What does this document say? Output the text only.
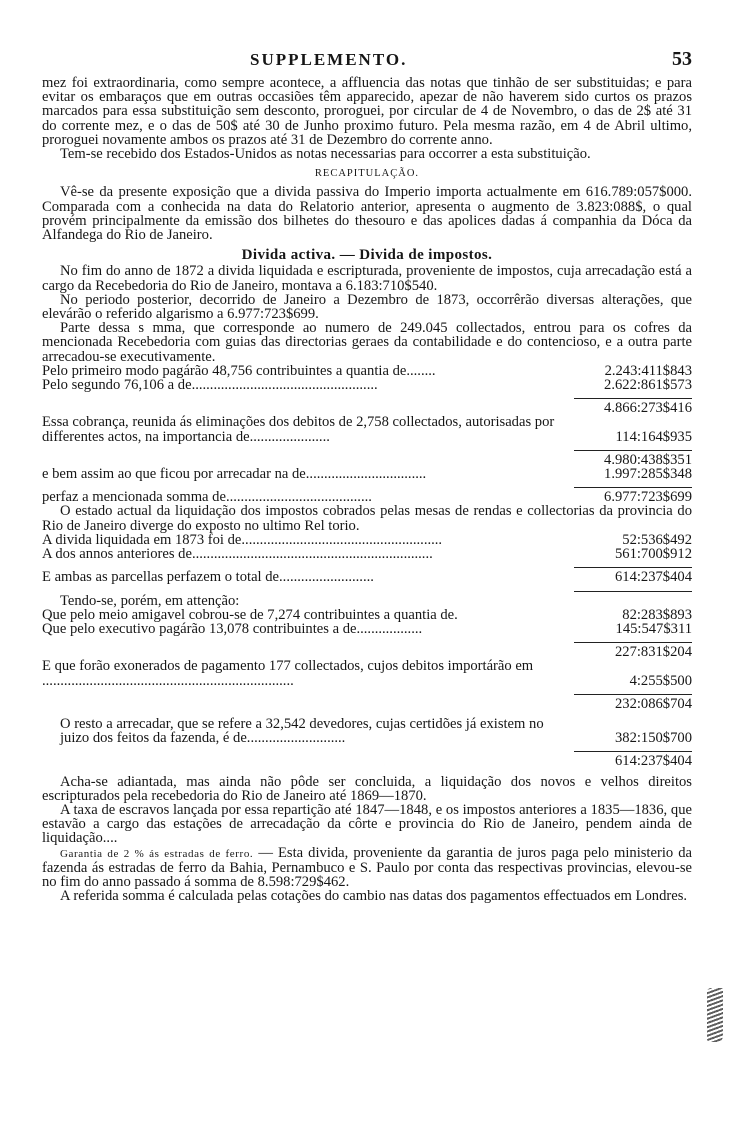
SUPPLEMENTO.	53

mez foi extraordinaria, como sempre acontece, a affluencia das notas que tinhão de ser substituidas; e para evitar os embaraços que em outras occasiões têm apparecido, apezar de não haverem sido curtos os prazos marcados para essa substituição sem desconto, proroguei, por circular de 4 de Novembro, o das de 2$ até 31 do corrente mez, e o das de 50$ até 30 de Junho proximo futuro. Pela mesma razão, em 4 de Abril ultimo, proroguei novamente ambos os prazos até 31 de Dezembro do corrente anno.

Tem-se recebido dos Estados-Unidos as notas necessarias para occorrer a esta substituição.

RECAPITULAÇÃO.

Vê-se da presente exposição que a divida passiva do Imperio importa actualmente em 616.789:057$000. Comparada com a conhecida na data do Relatorio anterior, apresenta o augmento de 3.823:088$, o qual provém principalmente da emissão dos bilhetes do thesouro e das apolices dadas á companhia da Dóca da Alfandega do Rio de Janeiro.

Divida activa. — Divida de impostos.

No fim do anno de 1872 a divida liquidada e escripturada, proveniente de impostos, cuja arrecadação está a cargo da Recebedoria do Rio de Janeiro, montava a 6.183:710$540.

No periodo posterior, decorrido de Janeiro a Dezembro de 1873, occorrêrão diversas alterações, que elevárão o referido algarismo a 6.977:723$699.

Parte dessa s mma, que corresponde ao numero de 249.045 collectados, entrou para os cofres da mencionada Recebedoria com guias das directorias geraes da contabilidade e do contencioso, e a outra parte arrecadou-se executivamente.

Pelo primeiro modo pagárão 48,756 contribuintes a quantia de........	2.243:411$843
Pelo segundo 76,106 a de...................................................	2.622:861$573
4.866:273$416
Essa cobrança, reunida ás eliminações dos debitos de 2,758 collectados, autorisadas por differentes actos, na importancia de......................	114:164$935
4.980:438$351
e bem assim ao que ficou por arrecadar na de.................................	1.997:285$348
perfaz a mencionada somma de........................................	6.977:723$699

O estado actual da liquidação dos impostos cobrados pelas mesas de rendas e collectorias da provincia do Rio de Janeiro diverge do exposto no ultimo Rel torio.

A divida liquidada em 1873 foi de.......................................................	52:536$492
A dos annos anteriores de..................................................................	561:700$912
E ambas as parcellas perfazem o total de..........................	614:237$404
Tendo-se, porém, em attenção:
Que pelo meio amigavel cobrou-se de 7,274 contribuintes a quantia de.	82:283$893
Que pelo executivo pagárão 13,078 contribuintes a de..................	145:547$311
227:831$204
E que forão exonerados de pagamento 177 collectados, cujos debitos importárão em .....................................................................	4:255$500
232:086$704
O resto a arrecadar, que se refere a 32,542 devedores, cujas certidões já existem no juizo dos feitos da fazenda, é de...........................	382:150$700
614:237$404

Acha-se adiantada, mas ainda não pôde ser concluida, a liquidação dos novos e velhos direitos escripturados pela recebedoria do Rio de Janeiro até 1869—1870.

A taxa de escravos lançada por essa repartição até 1847—1848, e os impostos anteriores a 1835—1836, que estavão a cargo das estações de arrecadação da côrte e provincia do Rio de Janeiro, pendem ainda de liquidação....

Garantia de 2 % ás estradas de ferro. — Esta divida, proveniente da garantia de juros paga pelo ministerio da fazenda ás estradas de ferro da Bahia, Pernambuco e S. Paulo por conta das respectivas provincias, elevou-se no fim do anno passado á somma de 8.598:729$462.

A referida somma é calculada pelas cotações do cambio nas datas dos pagamentos effectuados em Londres.
